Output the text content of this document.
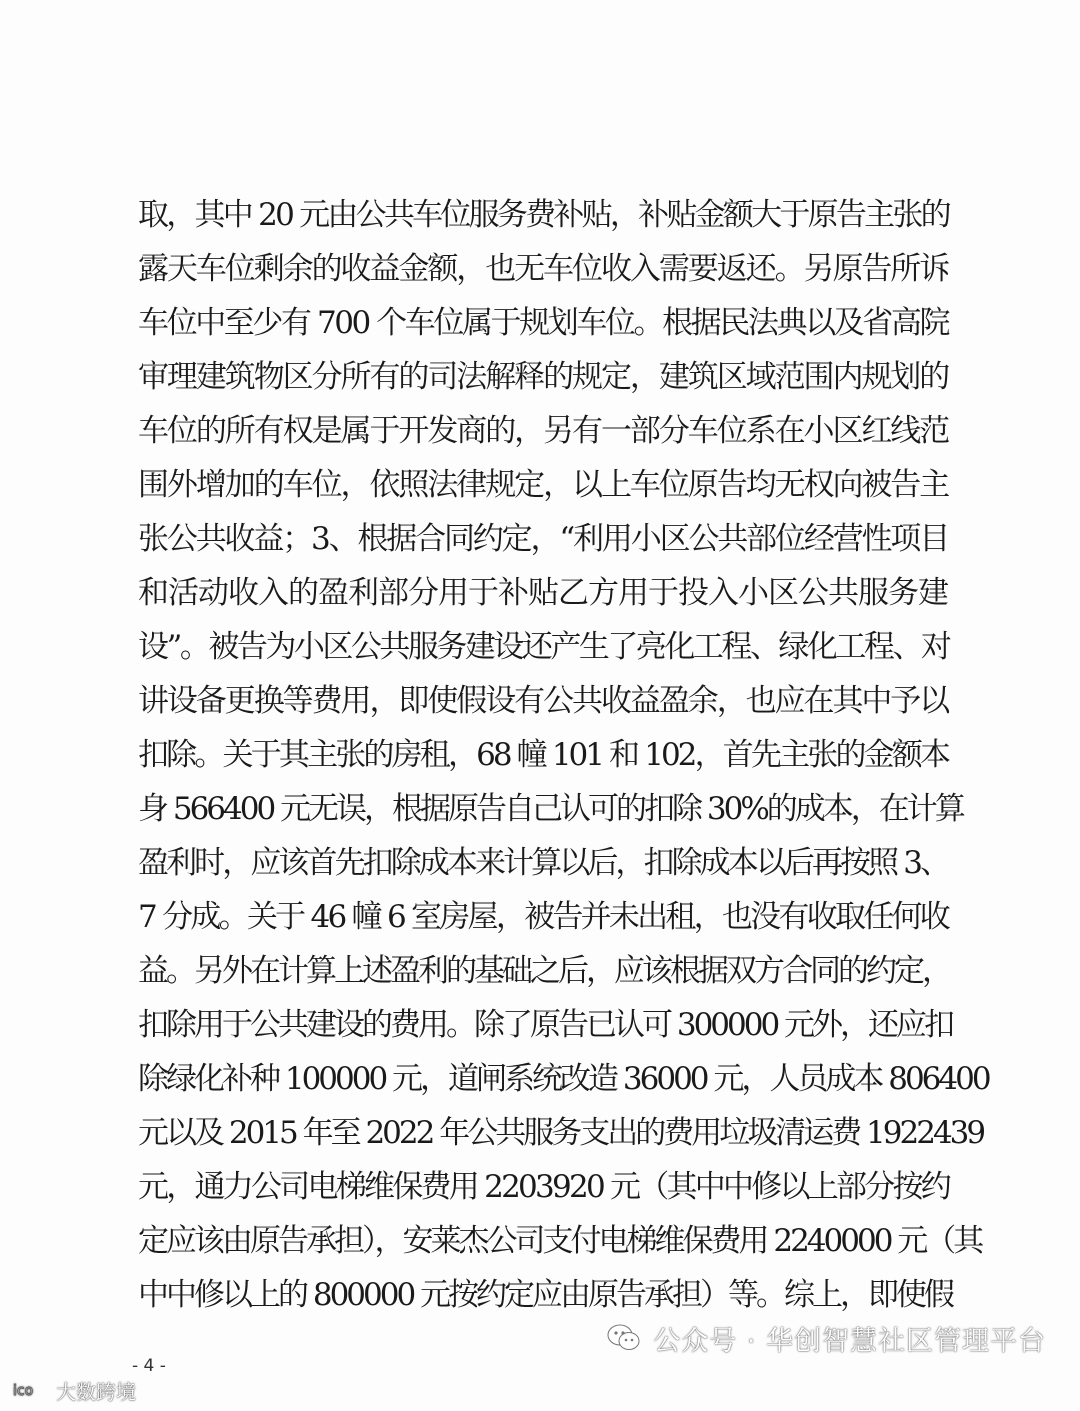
取，其中 20 元由公共车位服务费补贴，补贴金额大于原告主张的
露天车位剩余的收益金额，也无车位收入需要返还。另原告所诉
车位中至少有 700 个车位属于规划车位。根据民法典以及省高院
审理建筑物区分所有的司法解释的规定，建筑区域范围内规划的
车位的所有权是属于开发商的，另有一部分车位系在小区红线范
围外增加的车位，依照法律规定，以上车位原告均无权向被告主
张公共收益；3、根据合同约定，“利用小区公共部位经营性项目
和活动收入的盈利部分用于补贴乙方用于投入小区公共服务建
设”。被告为小区公共服务建设还产生了亮化工程、绿化工程、对
讲设备更换等费用，即使假设有公共收益盈余，也应在其中予以
扣除。关于其主张的房租，68 幢 101 和 102，首先主张的金额本
身 566400 元无误，根据原告自己认可的扣除 30%的成本，在计算
盈利时，应该首先扣除成本来计算以后，扣除成本以后再按照 3、
7 分成。关于 46 幢 6 室房屋，被告并未出租，也没有收取任何收
益。另外在计算上述盈利的基础之后，应该根据双方合同的约定，
扣除用于公共建设的费用。除了原告已认可 300000 元外，还应扣
除绿化补种 100000 元，道闸系统改造 36000 元，人员成本 806400
元以及 2015 年至 2022 年公共服务支出的费用垃圾清运费 1922439
元，通力公司电梯维保费用 2203920 元（其中中修以上部分按约
定应该由原告承担），安莱杰公司支付电梯维保费用 2240000 元（其
中中修以上的 800000 元按约定应由原告承担）等。综上，即使假
- 4 -
公众号 · 华创智慧社区管理平台
ico 大数跨境
